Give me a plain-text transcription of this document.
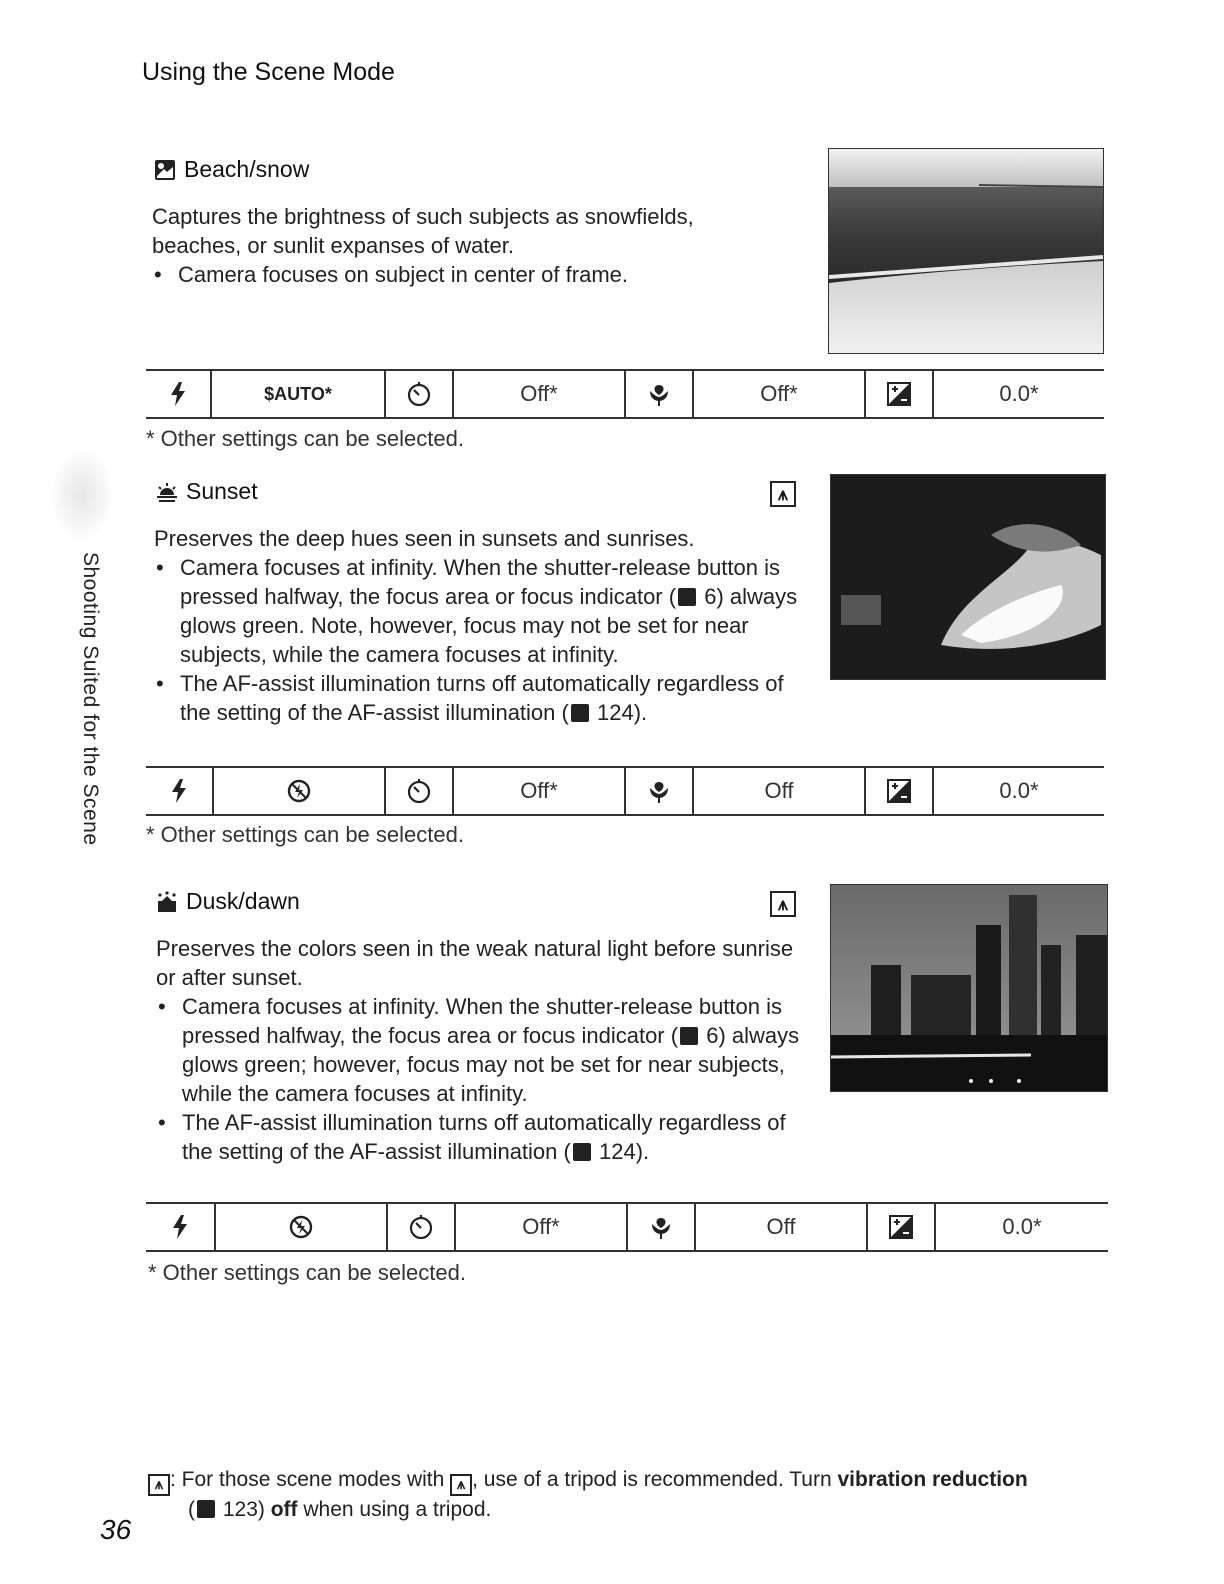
Using the Scene Mode
Shooting Suited for the Scene
Beach/snow

Captures the brightness of such subjects as snowfields, beaches, or sunlit expanses of water.

• Camera focuses on subject in center of frame.
$AUTO*	Off*	Off*	0.0*
* Other settings can be selected.
Sunset	⩚

Preserves the deep hues seen in sunsets and sunrises.

• Camera focuses at infinity. When the shutter-release button is pressed halfway, the focus area or focus indicator ( 6) always glows green. Note, however, focus may not be set for near subjects, while the camera focuses at infinity.
• The AF-assist illumination turns off automatically regardless of the setting of the AF-assist illumination ( 124).
Off*	Off	0.0*
* Other settings can be selected.
Dusk/dawn	⩚

Preserves the colors seen in the weak natural light before sunrise or after sunset.

• Camera focuses at infinity. When the shutter-release button is pressed halfway, the focus area or focus indicator ( 6) always glows green; however, focus may not be set for near subjects, while the camera focuses at infinity.
• The AF-assist illumination turns off automatically regardless of the setting of the AF-assist illumination ( 124).
Off*	Off	0.0*
* Other settings can be selected.
⩚ : For those scene modes with ⩚ , use of a tripod is recommended. Turn vibration reduction
( 123) off when using a tripod.
36
